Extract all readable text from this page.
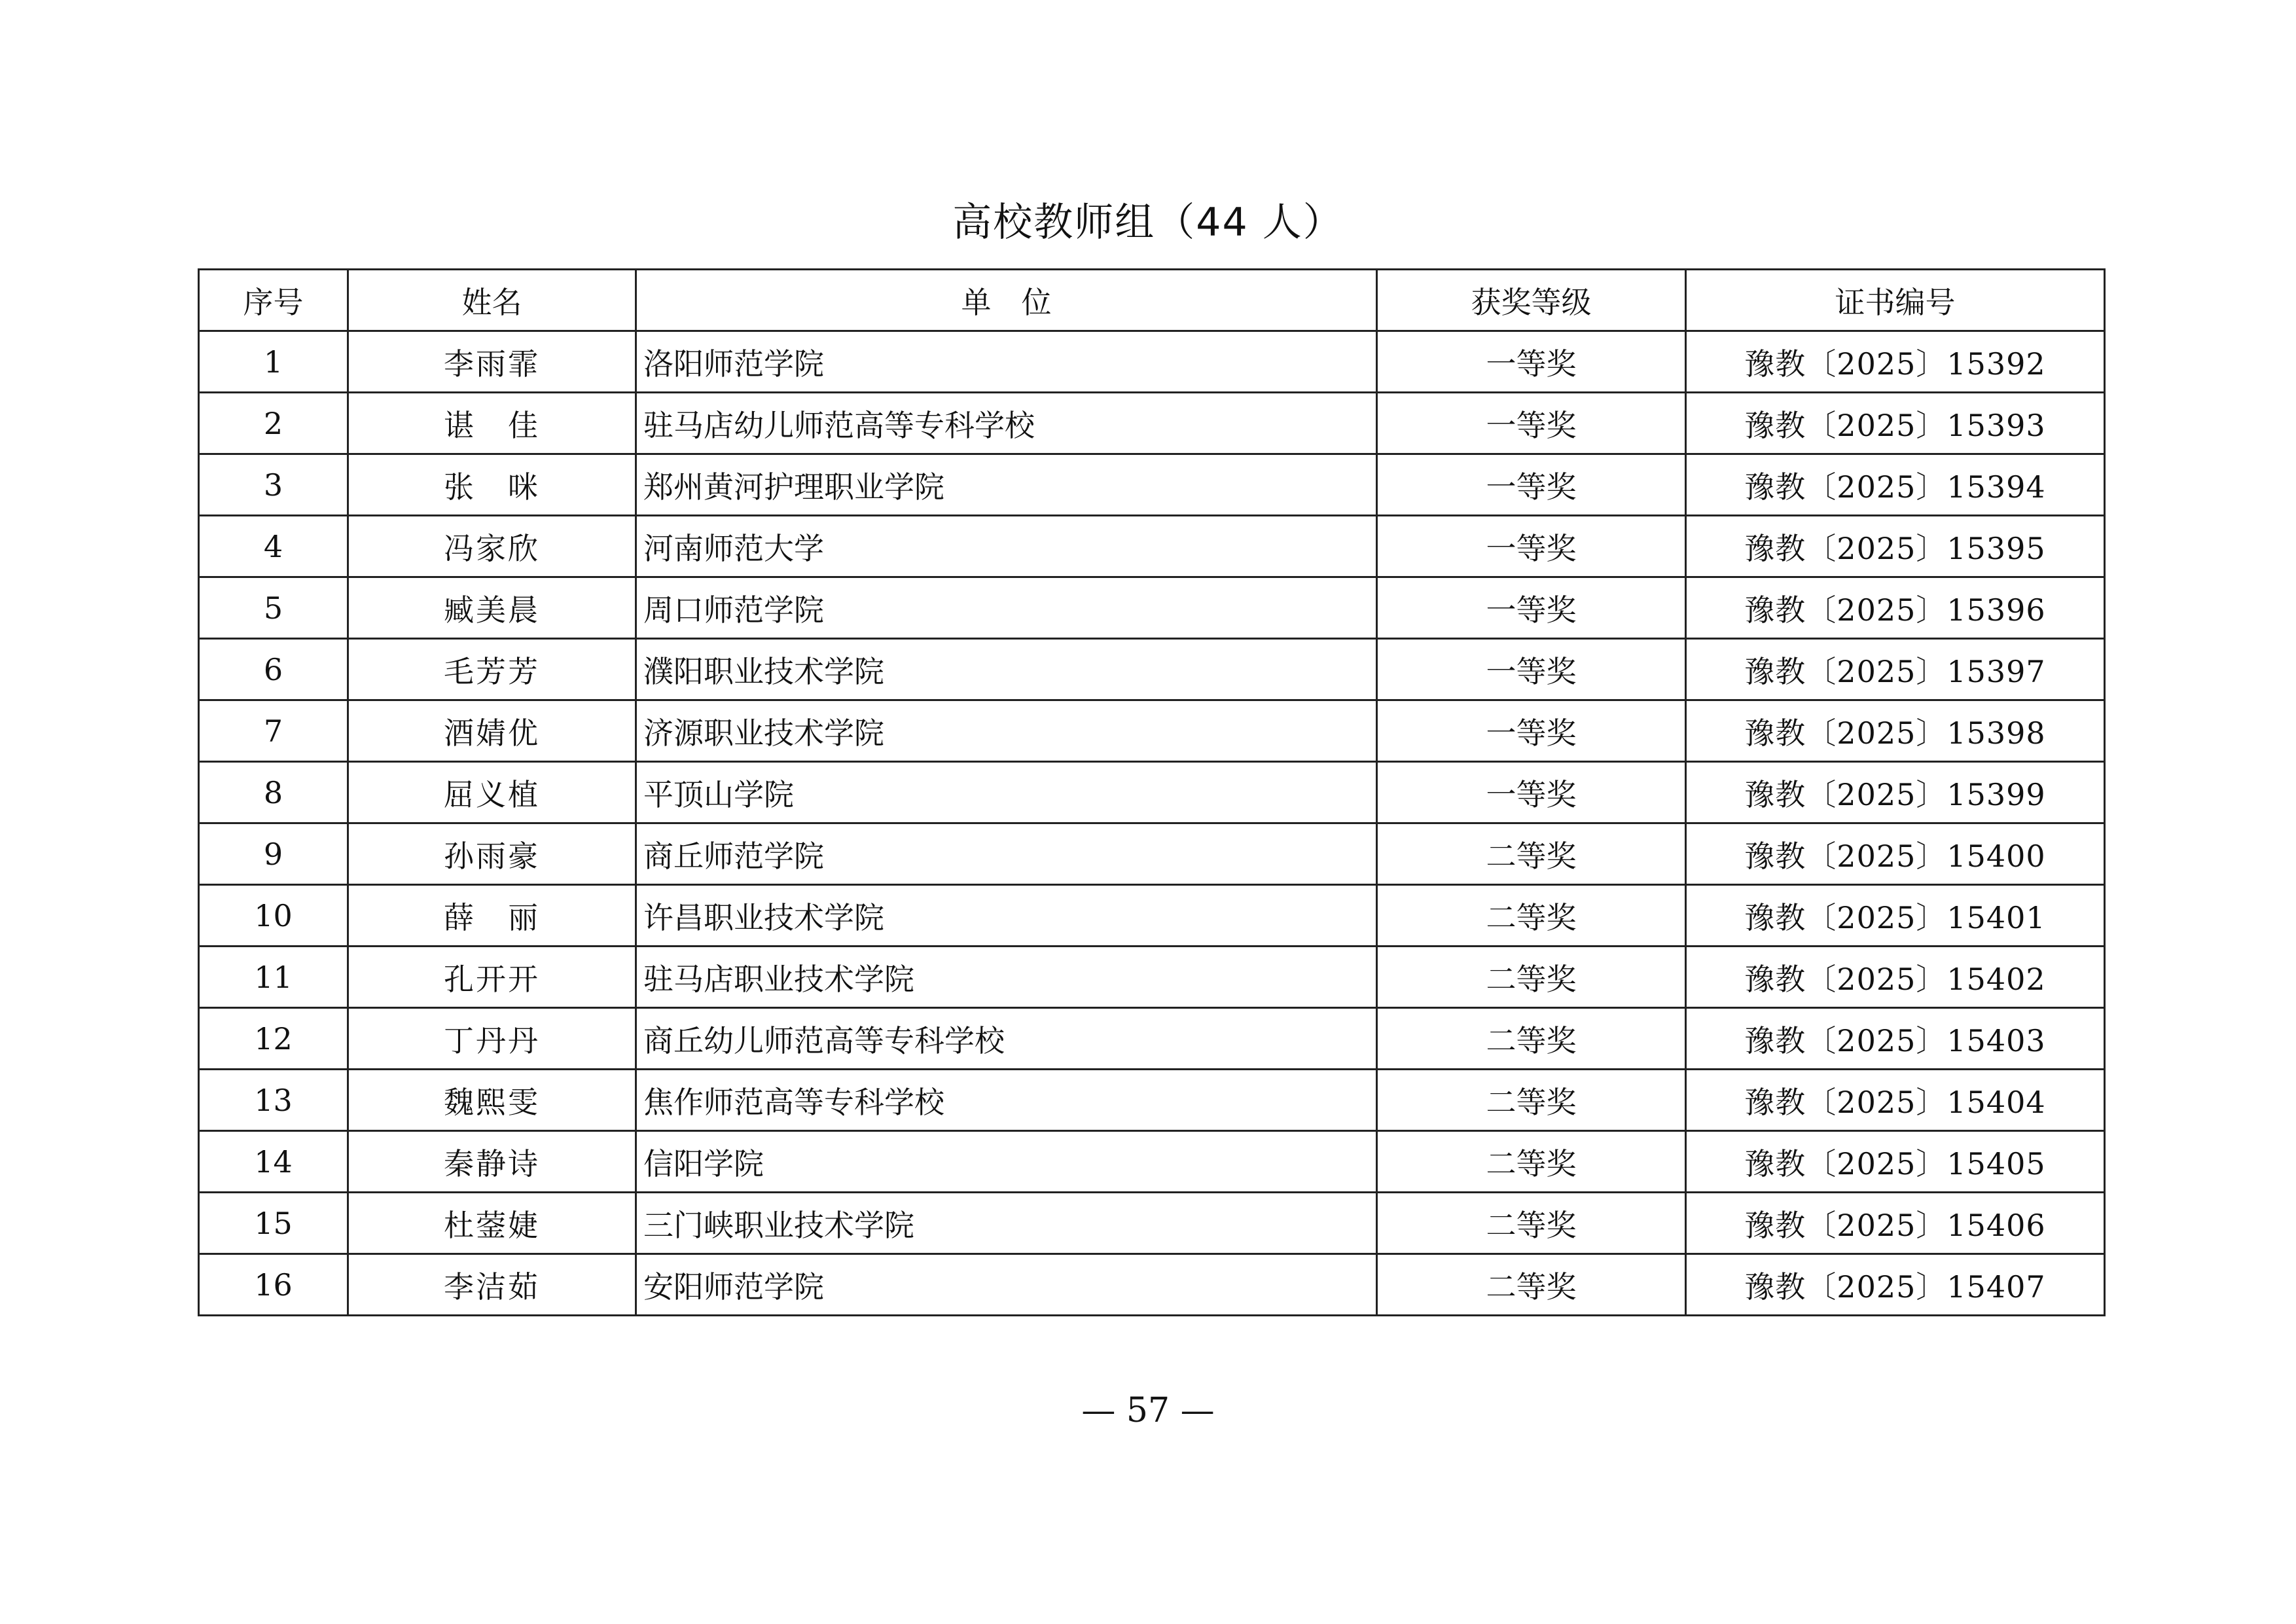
高校教师组（44 人）
序号	姓名	单　位	获奖等级	证书编号
1	李雨霏	洛阳师范学院	一等奖	豫教〔2025〕15392
2	谌　佳	驻马店幼儿师范高等专科学校	一等奖	豫教〔2025〕15393
3	张　咪	郑州黄河护理职业学院	一等奖	豫教〔2025〕15394
4	冯家欣	河南师范大学	一等奖	豫教〔2025〕15395
5	臧美晨	周口师范学院	一等奖	豫教〔2025〕15396
6	毛芳芳	濮阳职业技术学院	一等奖	豫教〔2025〕15397
7	酒婧优	济源职业技术学院	一等奖	豫教〔2025〕15398
8	屈义植	平顶山学院	一等奖	豫教〔2025〕15399
9	孙雨豪	商丘师范学院	二等奖	豫教〔2025〕15400
10	薛　丽	许昌职业技术学院	二等奖	豫教〔2025〕15401
11	孔开开	驻马店职业技术学院	二等奖	豫教〔2025〕15402
12	丁丹丹	商丘幼儿师范高等专科学校	二等奖	豫教〔2025〕15403
13	魏熙雯	焦作师范高等专科学校	二等奖	豫教〔2025〕15404
14	秦静诗	信阳学院	二等奖	豫教〔2025〕15405
15	杜蓥婕	三门峡职业技术学院	二等奖	豫教〔2025〕15406
16	李洁茹	安阳师范学院	二等奖	豫教〔2025〕15407
— 57 —
